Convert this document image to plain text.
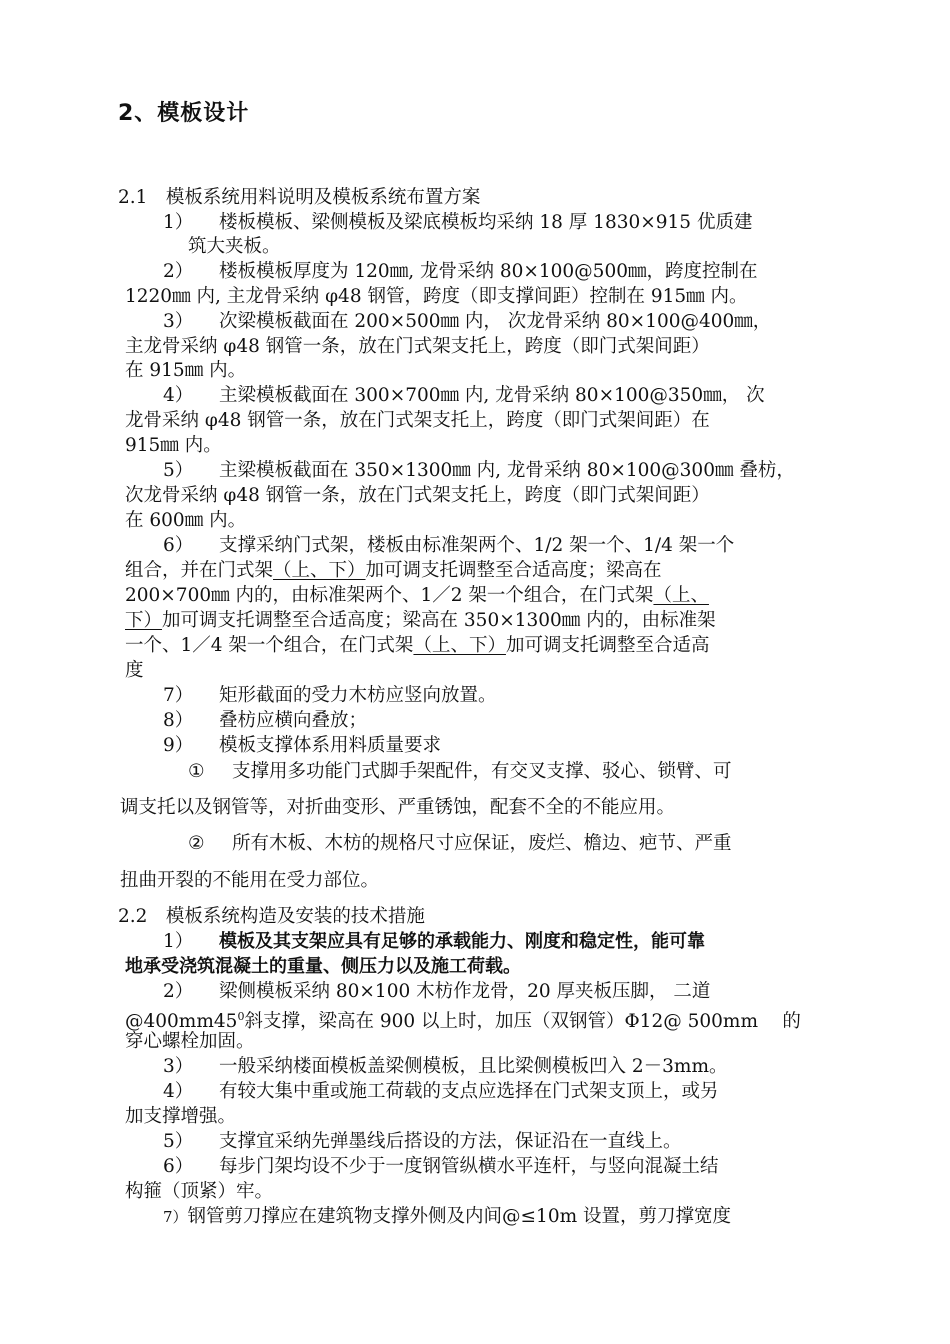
2、模板设计
2.1　模板系统用料说明及模板系统布置方案
1） 楼板模板、梁侧模板及梁底模板均采纳 18 厚 1830×915 优质建
筑大夹板。
2） 楼板模板厚度为 120㎜, 龙骨采纳 80×100@500㎜，跨度控制在
1220㎜ 内, 主龙骨采纳 φ48 钢管，跨度（即支撑间距）控制在 915㎜ 内。
3） 次梁模板截面在 200×500㎜ 内， 次龙骨采纳 80×100@400㎜，
主龙骨采纳 φ48 钢管一条，放在门式架支托上，跨度（即门式架间距）
在 915㎜ 内。
4） 主梁模板截面在 300×700㎜ 内, 龙骨采纳 80×100@350㎜， 次
龙骨采纳 φ48 钢管一条，放在门式架支托上，跨度（即门式架间距）在
915㎜ 内。
5） 主梁模板截面在 350×1300㎜ 内, 龙骨采纳 80×100@300㎜ 叠枋，
次龙骨采纳 φ48 钢管一条，放在门式架支托上，跨度（即门式架间距）
在 600㎜ 内。
6） 支撑采纳门式架，楼板由标准架两个、1/2 架一个、1/4 架一个
组合，并在门式架（上、下）加可调支托调整至合适高度；梁高在
200×700㎜ 内的，由标准架两个、1／2 架一个组合，在门式架（上、
下）加可调支托调整至合适高度；梁高在 350×1300㎜ 内的，由标准架
一个、1／4 架一个组合，在门式架（上、下）加可调支托调整至合适高
度
7） 矩形截面的受力木枋应竖向放置。
8） 叠枋应横向叠放；
9） 模板支撑体系用料质量要求
① 支撑用多功能门式脚手架配件，有交叉支撑、驳心、锁臂、可
调支托以及钢管等，对折曲变形、严重锈蚀，配套不全的不能应用。
② 所有木板、木枋的规格尺寸应保证，废烂、檐边、疤节、严重
扭曲开裂的不能用在受力部位。
2.2　模板系统构造及安装的技术措施
1） 模板及其支架应具有足够的承载能力、刚度和稳定性，能可靠
地承受浇筑混凝土的重量、侧压力以及施工荷载。
2） 梁侧模板采纳 80×100 木枋作龙骨，20 厚夹板压脚， 二道
$@400mm45^0$斜支撑，梁高在 900 以上时，加压（双钢管）Φ12@ 500mm　 的
穿心螺栓加固。
3） 一般采纳楼面模板盖梁侧模板，且比梁侧模板凹入 2－3mm。
4） 有较大集中重或施工荷载的支点应选择在门式架支顶上，或另
加支撑增强。
5） 支撑宜采纳先弹墨线后搭设的方法，保证沿在一直线上。
6） 每步门架均设不少于一度钢管纵横水平连杆，与竖向混凝土结
构箍（顶紧）牢。
7）钢管剪刀撑应在建筑物支撑外侧及内间@≤10m 设置，剪刀撑宽度
